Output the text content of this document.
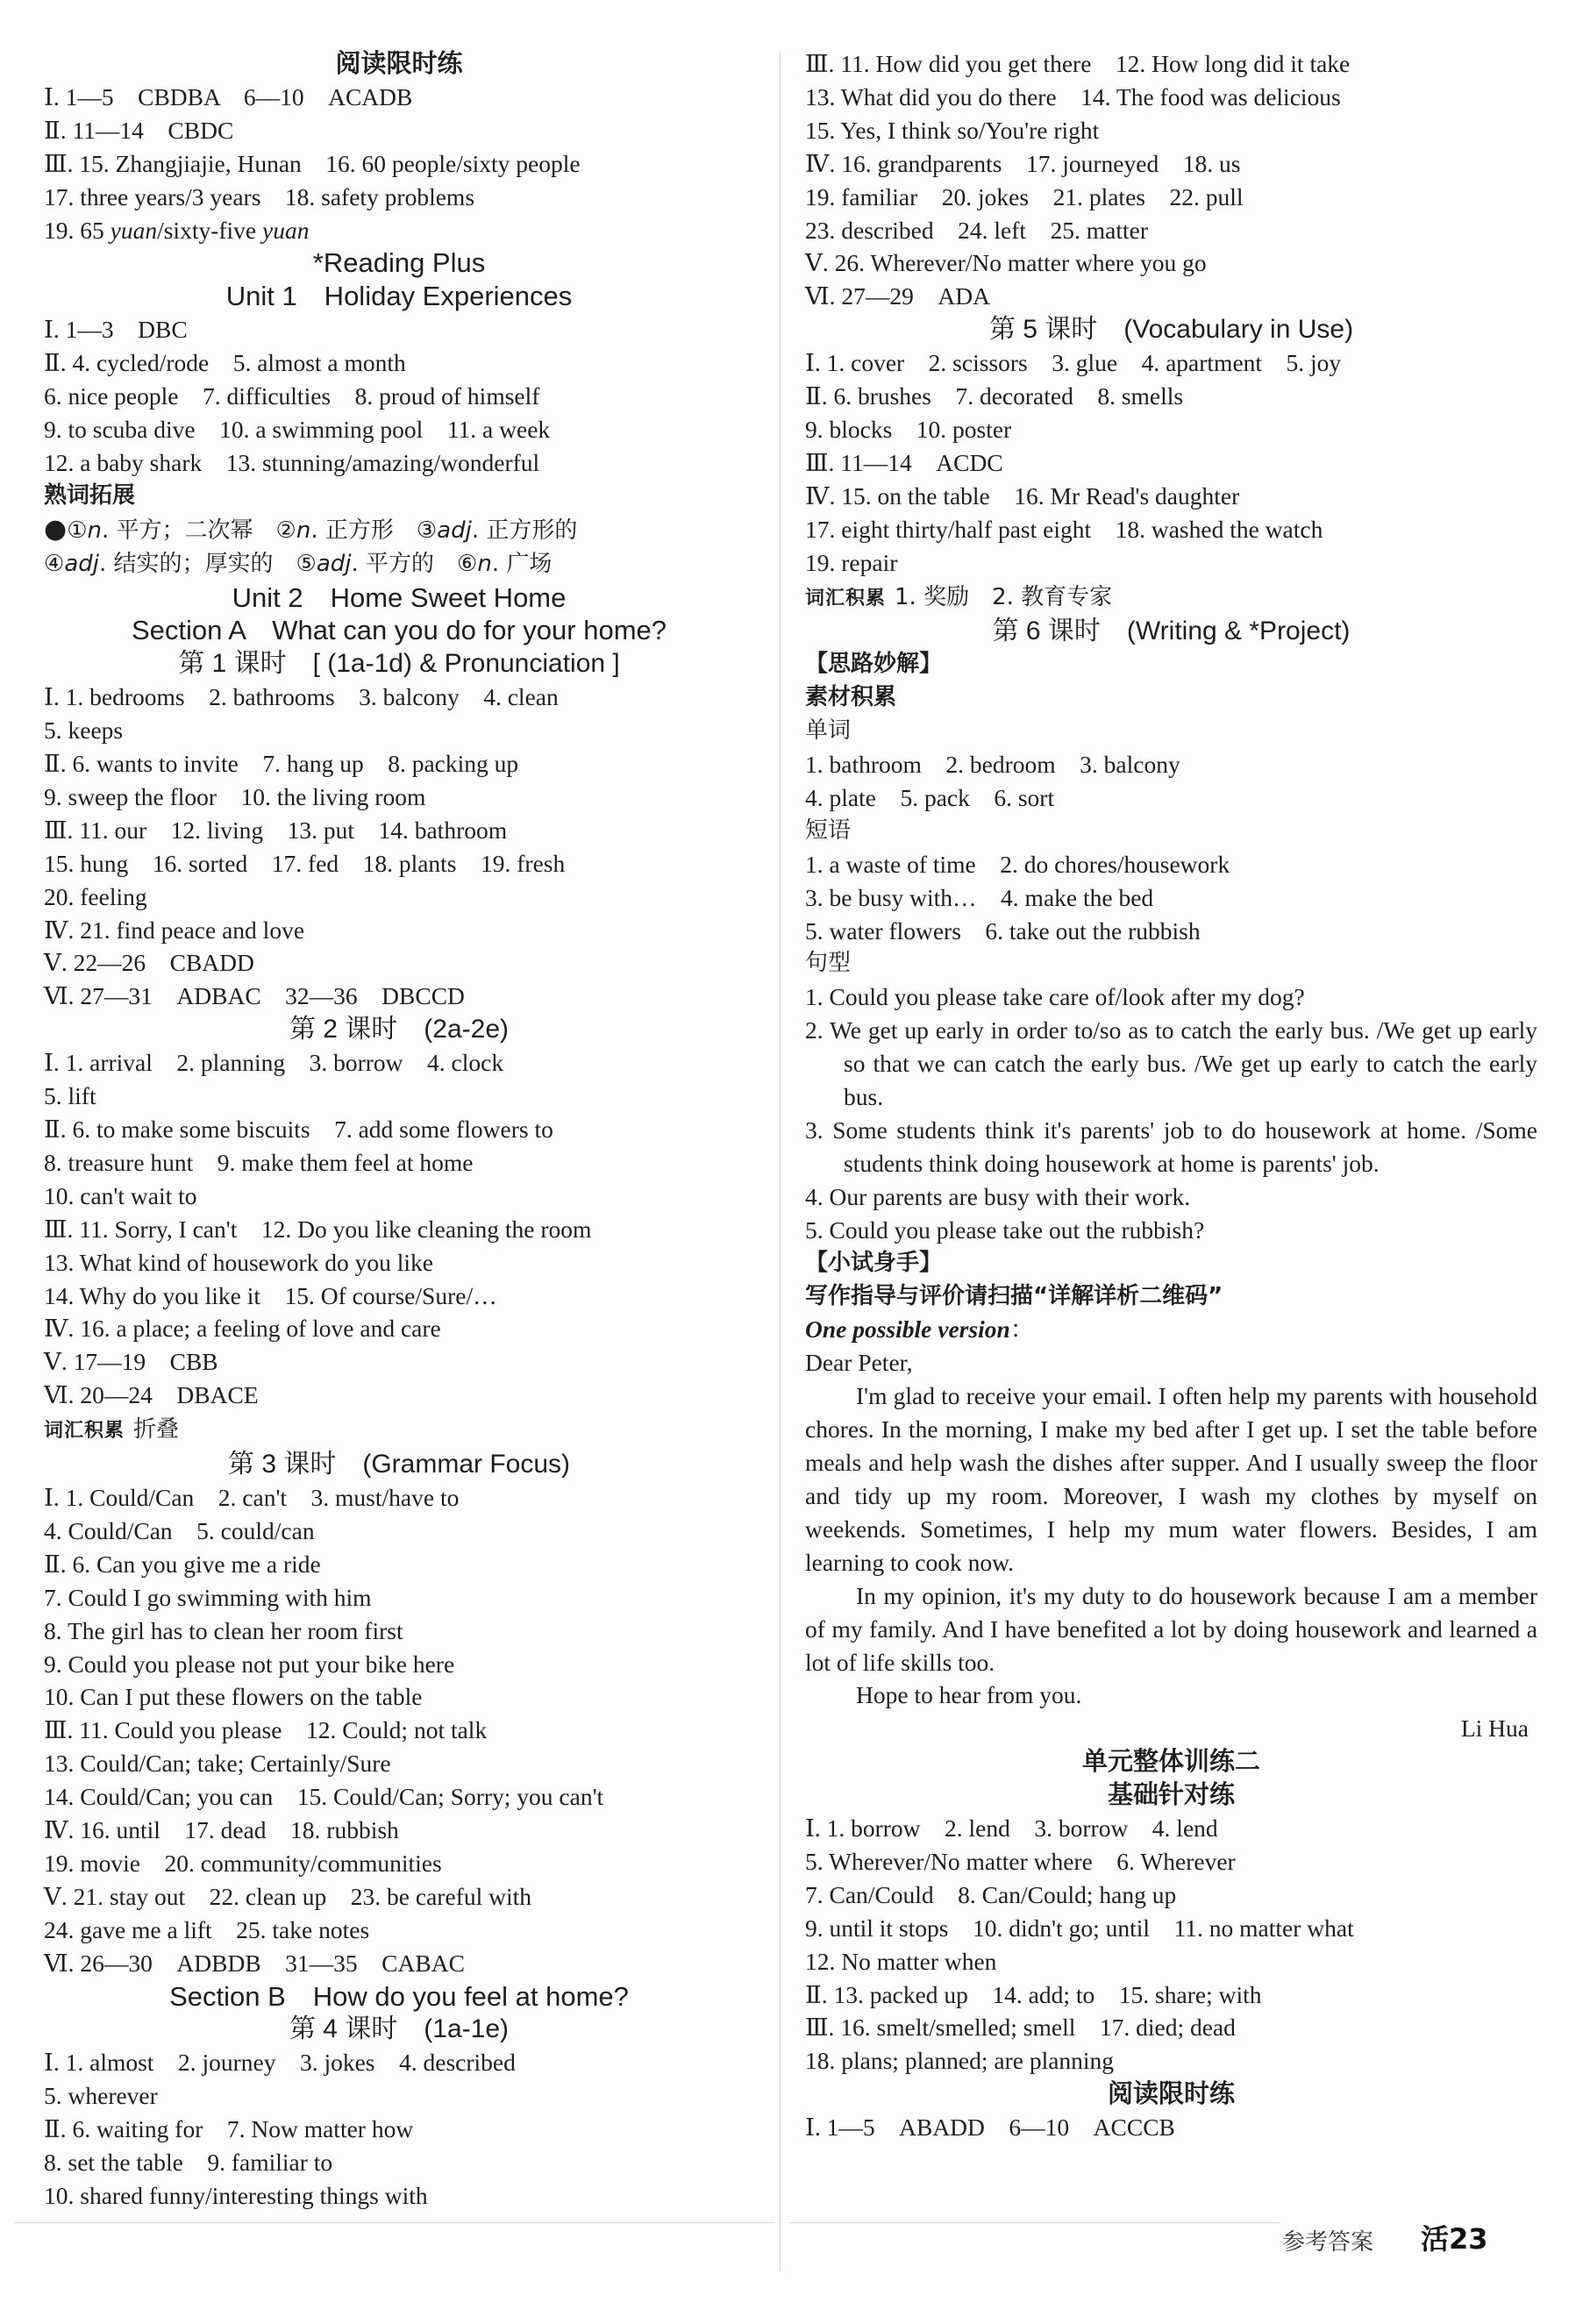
阅读限时练
Ⅰ. 1—5　CBDBA　6—10　ACADB
Ⅱ. 11—14　CBDC
Ⅲ. 15. Zhangjiajie, Hunan　16. 60 people/sixty people
17. three years/3 years　18. safety problems
19. 65 yuan/sixty-five yuan
*Reading Plus
Unit 1　Holiday Experiences
Ⅰ. 1—3　DBC
Ⅱ. 4. cycled/rode　5. almost a month
6. nice people　7. difficulties　8. proud of himself
9. to scuba dive　10. a swimming pool　11. a week
12. a baby shark　13. stunning/amazing/wonderful
熟词拓展
●①n. 平方；二次幂　②n. 正方形　③adj. 正方形的
④adj. 结实的；厚实的　⑤adj. 平方的　⑥n. 广场
Unit 2　Home Sweet Home
Section A　What can you do for your home?
第 1 课时　[ (1a-1d) & Pronunciation ]
Ⅰ. 1. bedrooms　2. bathrooms　3. balcony　4. clean
5. keeps
Ⅱ. 6. wants to invite　7. hang up　8. packing up
9. sweep the floor　10. the living room
Ⅲ. 11. our　12. living　13. put　14. bathroom
15. hung　16. sorted　17. fed　18. plants　19. fresh
20. feeling
Ⅳ. 21. find peace and love
Ⅴ. 22—26　CBADD
Ⅵ. 27—31　ADBAC　32—36　DBCCD
第 2 课时　(2a-2e)
Ⅰ. 1. arrival　2. planning　3. borrow　4. clock
5. lift
Ⅱ. 6. to make some biscuits　7. add some flowers to
8. treasure hunt　9. make them feel at home
10. can't wait to
Ⅲ. 11. Sorry, I can't　12. Do you like cleaning the room
13. What kind of housework do you like
14. Why do you like it　15. Of course/Sure/…
Ⅳ. 16. a place; a feeling of love and care
Ⅴ. 17—19　CBB
Ⅵ. 20—24　DBACE
词汇积累 折叠
第 3 课时　(Grammar Focus)
Ⅰ. 1. Could/Can　2. can't　3. must/have to
4. Could/Can　5. could/can
Ⅱ. 6. Can you give me a ride
7. Could I go swimming with him
8. The girl has to clean her room first
9. Could you please not put your bike here
10. Can I put these flowers on the table
Ⅲ. 11. Could you please　12. Could; not talk
13. Could/Can; take; Certainly/Sure
14. Could/Can; you can　15. Could/Can; Sorry; you can't
Ⅳ. 16. until　17. dead　18. rubbish
19. movie　20. community/communities
Ⅴ. 21. stay out　22. clean up　23. be careful with
24. gave me a lift　25. take notes
Ⅵ. 26—30　ADBDB　31—35　CABAC
Section B　How do you feel at home?
第 4 课时　(1a-1e)
Ⅰ. 1. almost　2. journey　3. jokes　4. described
5. wherever
Ⅱ. 6. waiting for　7. Now matter how
8. set the table　9. familiar to
10. shared funny/interesting things with
Ⅲ. 11. How did you get there　12. How long did it take
13. What did you do there　14. The food was delicious
15. Yes, I think so/You're right
Ⅳ. 16. grandparents　17. journeyed　18. us
19. familiar　20. jokes　21. plates　22. pull
23. described　24. left　25. matter
Ⅴ. 26. Wherever/No matter where you go
Ⅵ. 27—29　ADA
第 5 课时　(Vocabulary in Use)
Ⅰ. 1. cover　2. scissors　3. glue　4. apartment　5. joy
Ⅱ. 6. brushes　7. decorated　8. smells
9. blocks　10. poster
Ⅲ. 11—14　ACDC
Ⅳ. 15. on the table　16. Mr Read's daughter
17. eight thirty/half past eight　18. washed the watch
19. repair
词汇积累 1. 奖励　2. 教育专家
第 6 课时　(Writing & *Project)
【思路妙解】
素材积累
单词
1. bathroom　2. bedroom　3. balcony
4. plate　5. pack　6. sort
短语
1. a waste of time　2. do chores/housework
3. be busy with…　4. make the bed
5. water flowers　6. take out the rubbish
句型
1. Could you please take care of/look after my dog?
2. We get up early in order to/so as to catch the early bus. /We get up early so that we can catch the early bus. /We get up early to catch the early bus.
3. Some students think it's parents' job to do housework at home. /Some students think doing housework at home is parents' job.
4. Our parents are busy with their work.
5. Could you please take out the rubbish?
【小试身手】
写作指导与评价请扫描“详解详析二维码”
One possible version：
Dear Peter,
I'm glad to receive your email. I often help my parents with household chores. In the morning, I make my bed after I get up. I set the table before meals and help wash the dishes after supper. And I usually sweep the floor and tidy up my room. Moreover, I wash my clothes by myself on weekends. Sometimes, I help my mum water flowers. Besides, I am learning to cook now.
In my opinion, it's my duty to do housework because I am a member of my family. And I have benefited a lot by doing housework and learned a lot of life skills too.
Hope to hear from you.
Li Hua
单元整体训练二
基础针对练
Ⅰ. 1. borrow　2. lend　3. borrow　4. lend
5. Wherever/No matter where　6. Wherever
7. Can/Could　8. Can/Could; hang up
9. until it stops　10. didn't go; until　11. no matter what
12. No matter when
Ⅱ. 13. packed up　14. add; to　15. share; with
Ⅲ. 16. smelt/smelled; smell　17. died; dead
18. plans; planned; are planning
阅读限时练
Ⅰ. 1—5　ABADD　6—10　ACCCB
参考答案 活23
